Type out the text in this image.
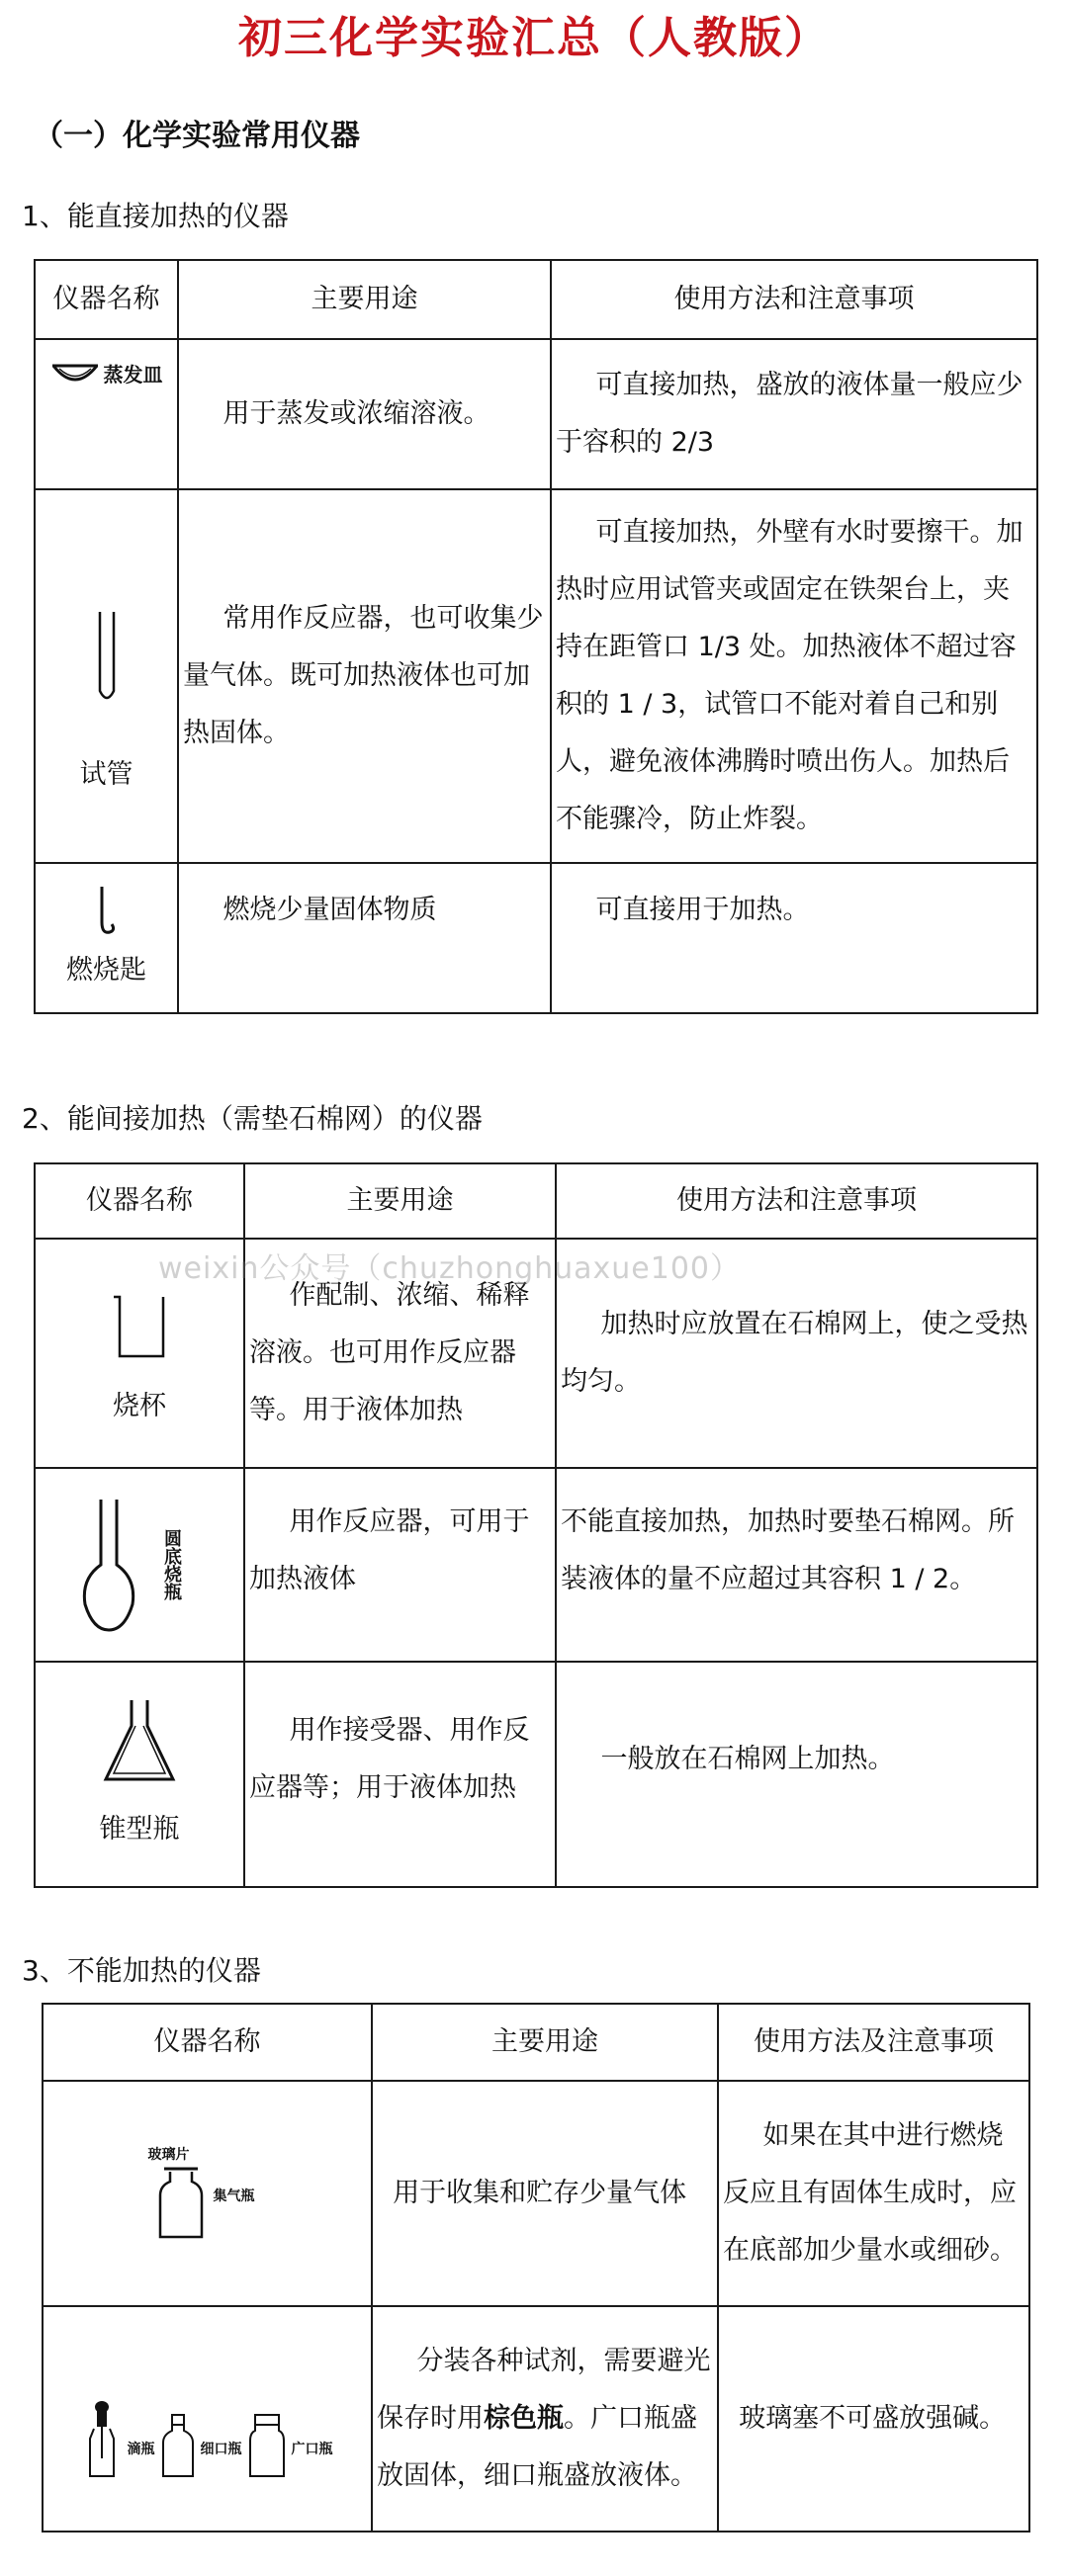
初三化学实验汇总（人教版）
（一）化学实验常用仪器
1、能直接加热的仪器
仪器名称	主要用途	使用方法和注意事项

蒸发皿	用于蒸发或浓缩溶液。	可直接加热，盛放的液体量一般应少于容积的 2/3

试管	常用作反应器，也可收集少量气体。既可加热液体也可加热固体。	可直接加热，外壁有水时要擦干。加热时应用试管夹或固定在铁架台上，夹持在距管口 1/3 处。加热液体不超过容积的 1 / 3，试管口不能对着自己和别人，避免液体沸腾时喷出伤人。加热后不能骤冷，防止炸裂。

燃烧匙	燃烧少量固体物质	可直接用于加热。
2、能间接加热（需垫石棉网）的仪器
仪器名称	主要用途	使用方法和注意事项

烧杯	作配制、浓缩、稀释溶液。也可用作反应器等。用于液体加热	加热时应放置在石棉网上，使之受热均匀。

圆底烧瓶	用作反应器，可用于加热液体	不能直接加热，加热时要垫石棉网。所装液体的量不应超过其容积 1 / 2。

锥型瓶	用作接受器、用作反应器等；用于液体加热	一般放在石棉网上加热。
weixin公众号（chuzhonghuaxue100）
3、不能加热的仪器
仪器名称	主要用途	使用方法及注意事项

玻璃片
集气瓶	用于收集和贮存少量气体	如果在其中进行燃烧反应且有固体生成时，应在底部加少量水或细砂。

滴瓶 细口瓶 广口瓶	分装各种试剂，需要避光保存时用棕色瓶。广口瓶盛放固体，细口瓶盛放液体。	玻璃塞不可盛放强碱。
